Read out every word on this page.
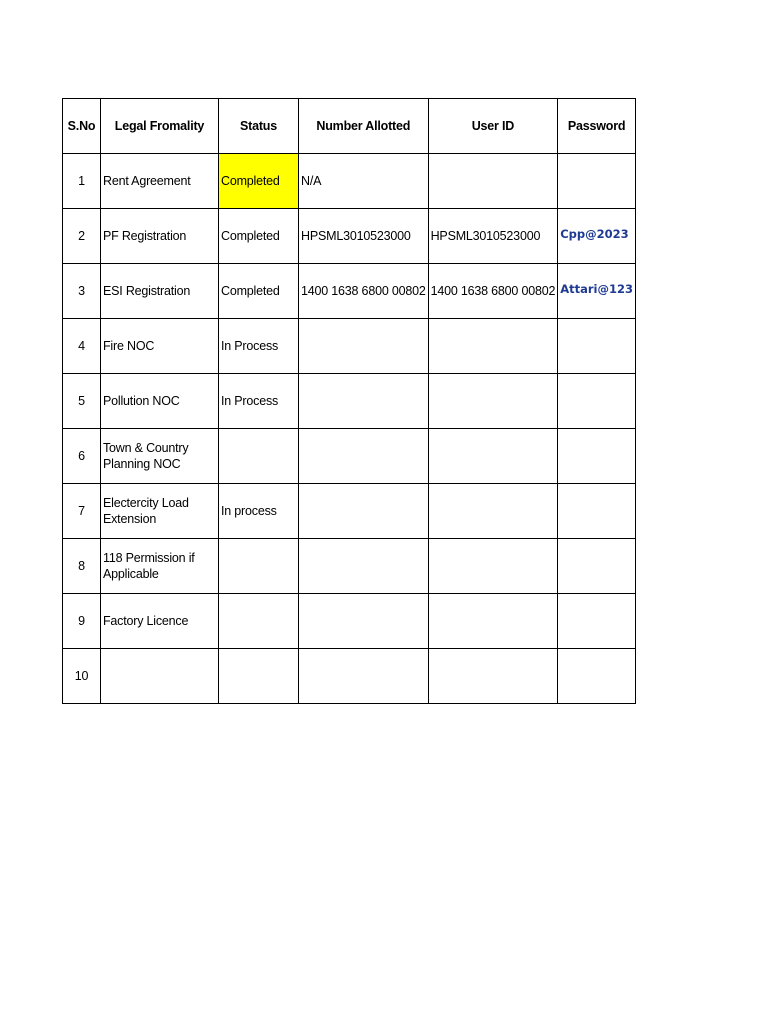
S.No	Legal Fromality	Status	Number Allotted	User ID	Password
1	Rent Agreement	Completed	N/A		
2	PF Registration	Completed	HPSML3010523000	HPSML3010523000	Cpp@2023
3	ESI Registration	Completed	1400 1638 6800 00802	1400 1638 6800 00802	Attari@123
4	Fire NOC	In Process			
5	Pollution NOC	In Process			
6	Town & Country Planning NOC				
7	Electercity Load Extension	In process			
8	118 Permission if Applicable				
9	Factory Licence				
10					
